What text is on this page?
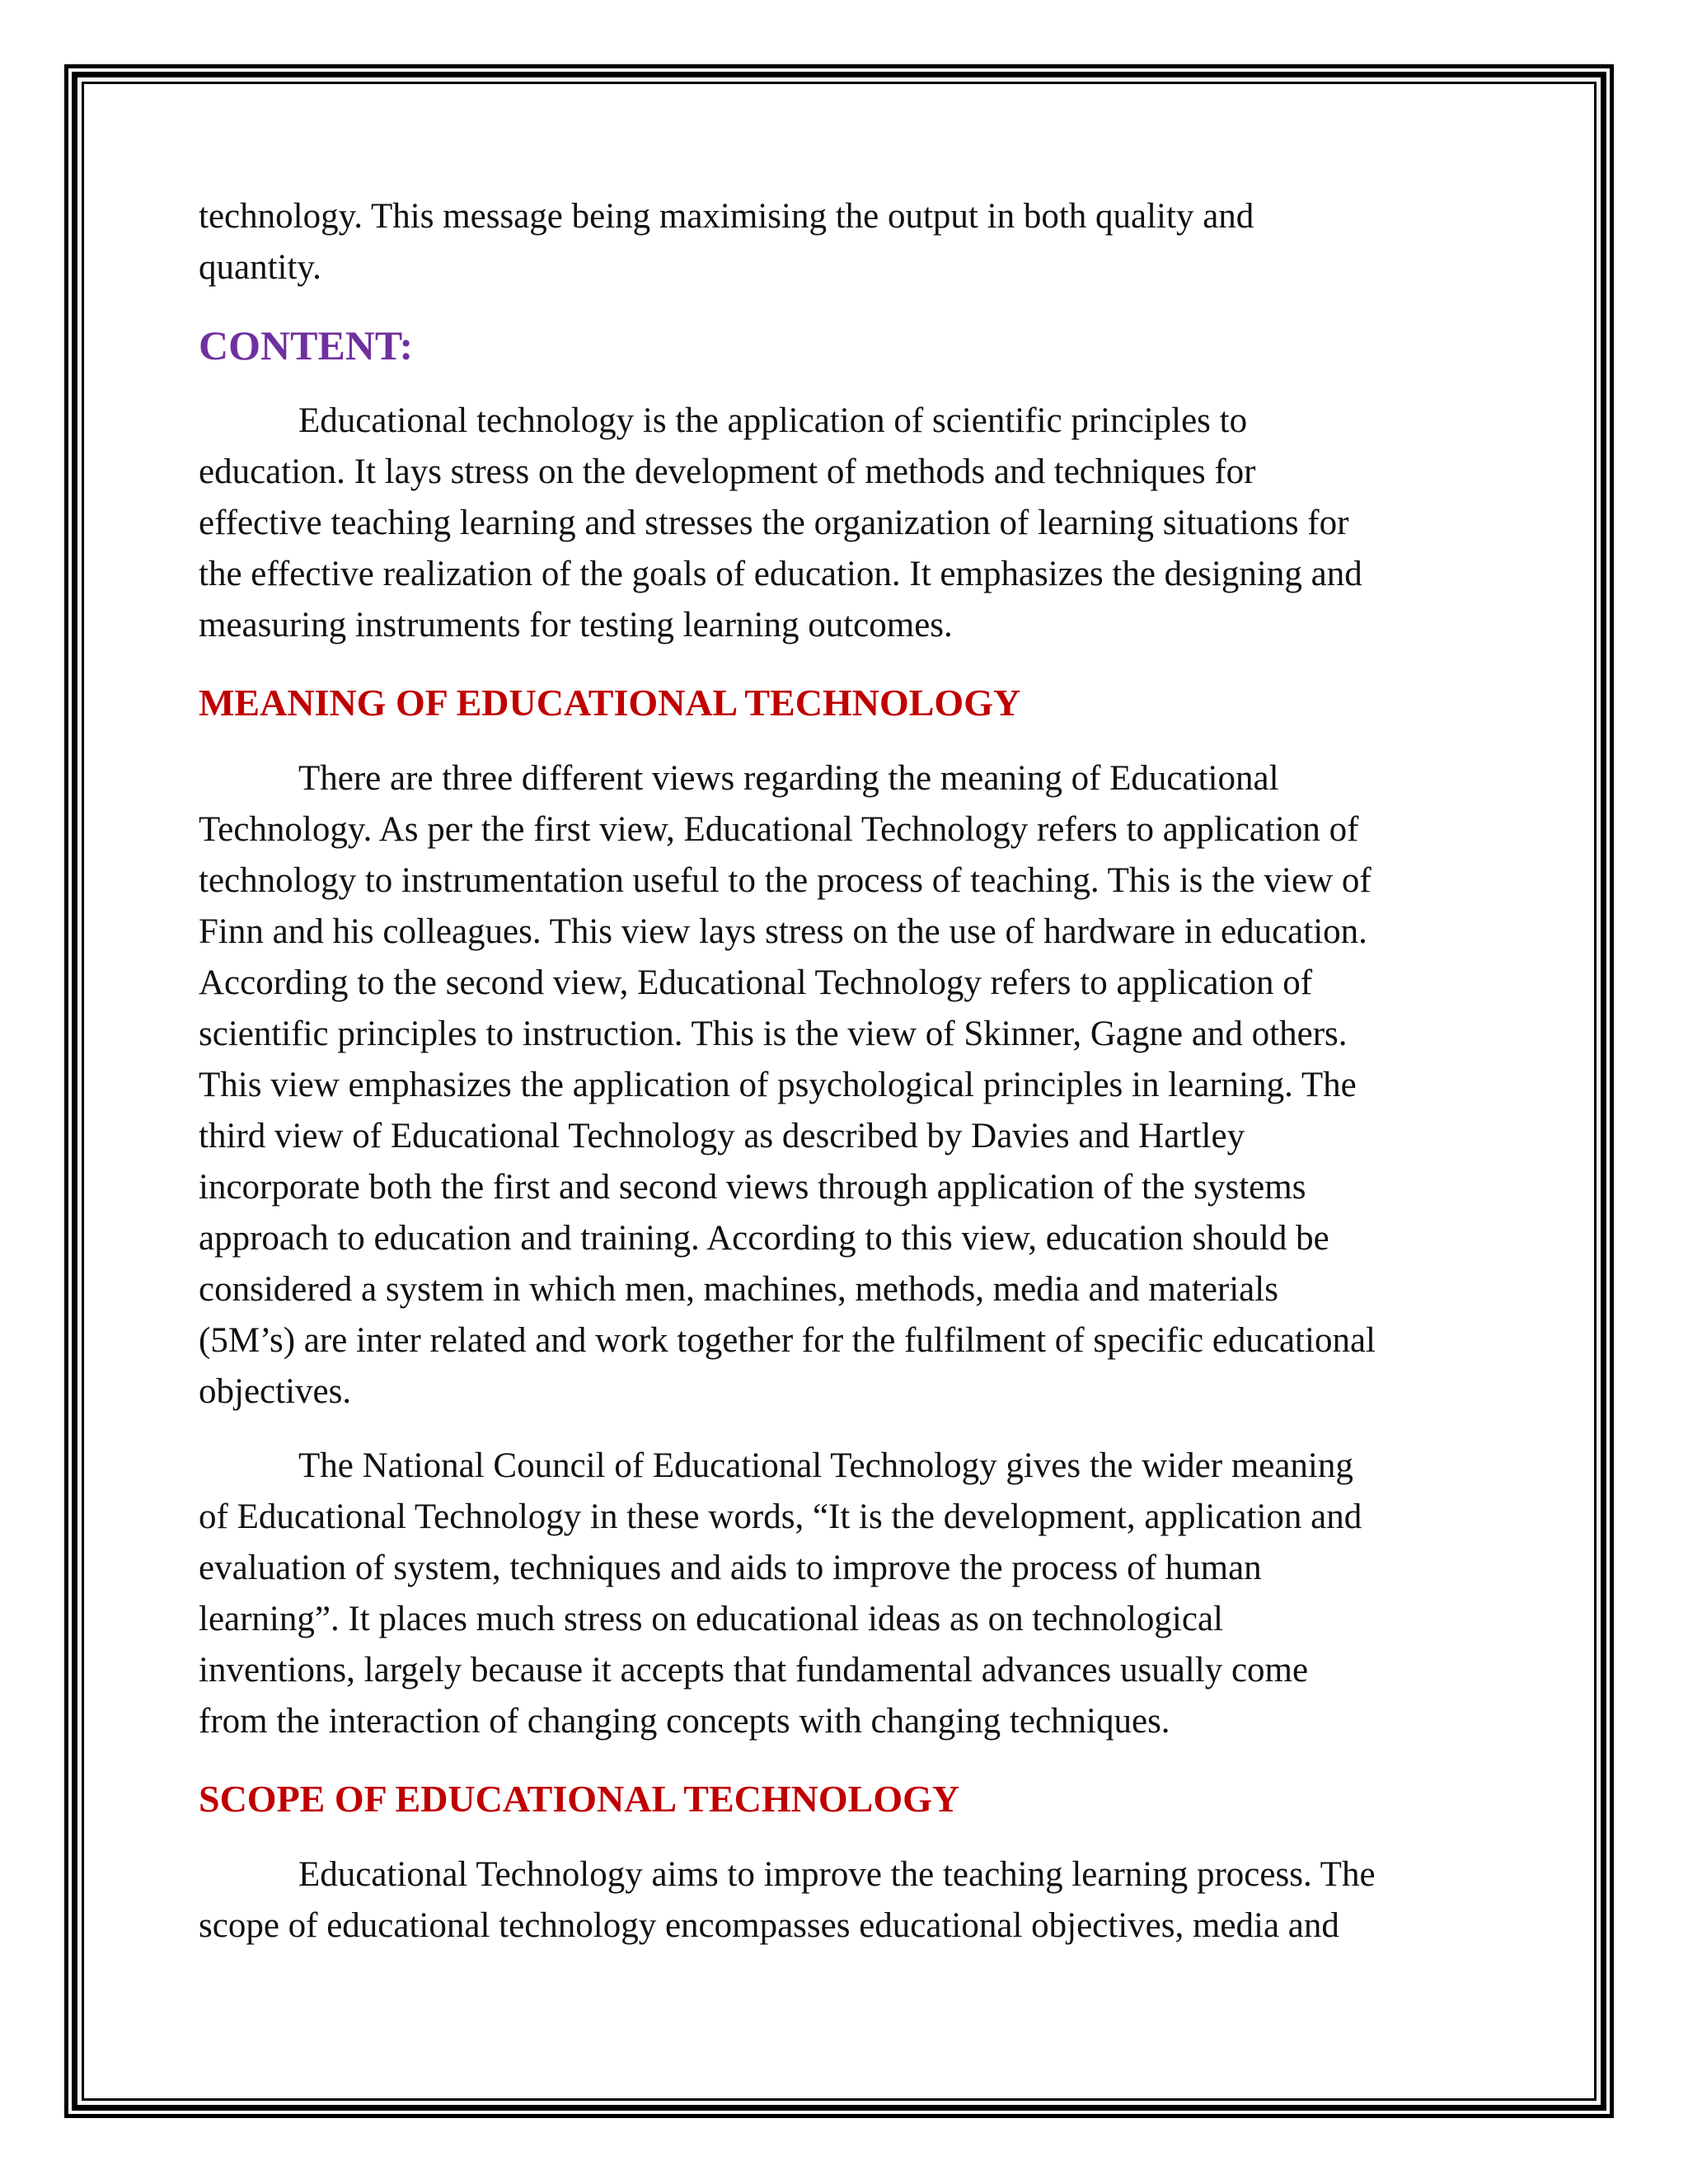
technology. This message being maximising the output in both quality and

quantity.

CONTENT:

Educational technology is the application of scientific principles to

education. It lays stress on the development of methods and techniques for

effective teaching learning and stresses the organization of learning situations for

the effective realization of the goals of education. It emphasizes the designing and

measuring instruments for testing learning outcomes.

MEANING OF EDUCATIONAL TECHNOLOGY

There are three different views regarding the meaning of Educational

Technology. As per the first view, Educational Technology refers to application of

technology to instrumentation useful to the process of teaching. This is the view of

Finn and his colleagues. This view lays stress on the use of hardware in education.

According to the second view, Educational Technology refers to application of

scientific principles to instruction. This is the view of Skinner, Gagne and others.

This view emphasizes the application of psychological principles in learning. The

third view of Educational Technology as described by Davies and Hartley

incorporate both the first and second views through application of the systems

approach to education and training. According to this view, education should be

considered a system in which men, machines, methods, media and materials

(5M’s) are inter related and work together for the fulfilment of specific educational

objectives.

The National Council of Educational Technology gives the wider meaning

of Educational Technology in these words, “It is the development, application and

evaluation of system, techniques and aids to improve the process of human

learning”. It places much stress on educational ideas as on technological

inventions, largely because it accepts that fundamental advances usually come

from the interaction of changing concepts with changing techniques.

SCOPE OF EDUCATIONAL TECHNOLOGY

Educational Technology aims to improve the teaching learning process. The

scope of educational technology encompasses educational objectives, media and
